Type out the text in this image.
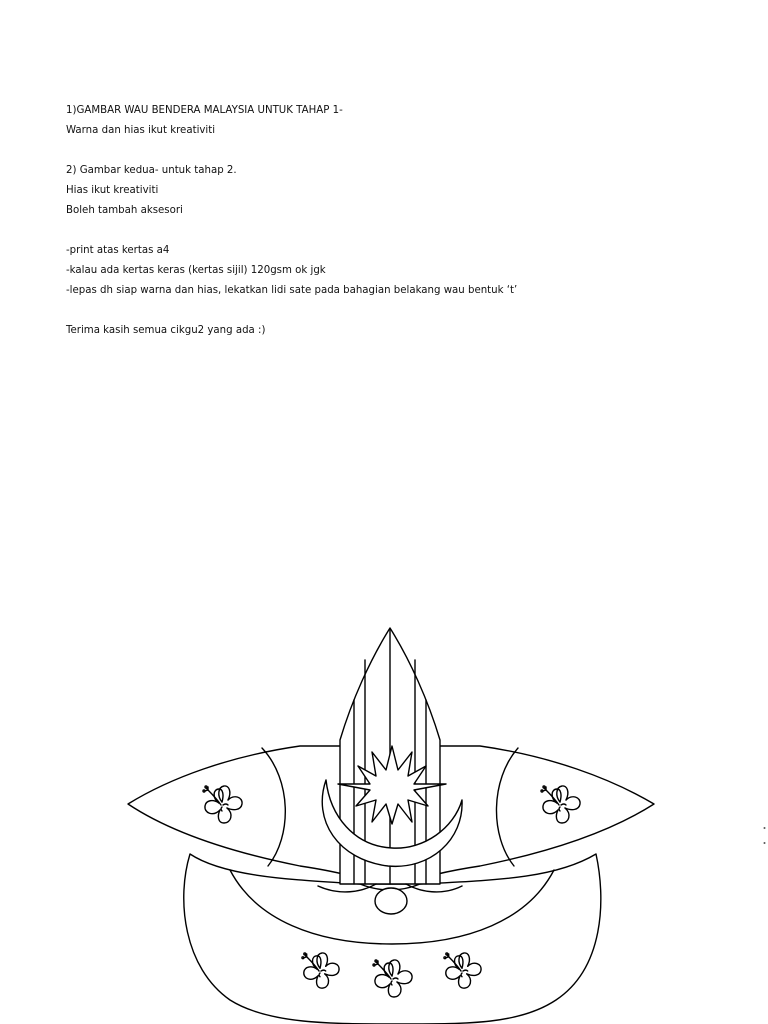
1)GAMBAR WAU BENDERA MALAYSIA UNTUK TAHAP 1-
Warna dan hias ikut kreativiti
2) Gambar kedua- untuk tahap 2.
Hias ikut kreativiti
Boleh tambah aksesori
-print atas kertas a4
-kalau ada kertas keras (kertas sijil) 120gsm ok jgk
-lepas dh siap warna dan hias, lekatkan lidi sate pada bahagian belakang wau bentuk ‘t’
Terima kasih semua cikgu2 yang ada :)
